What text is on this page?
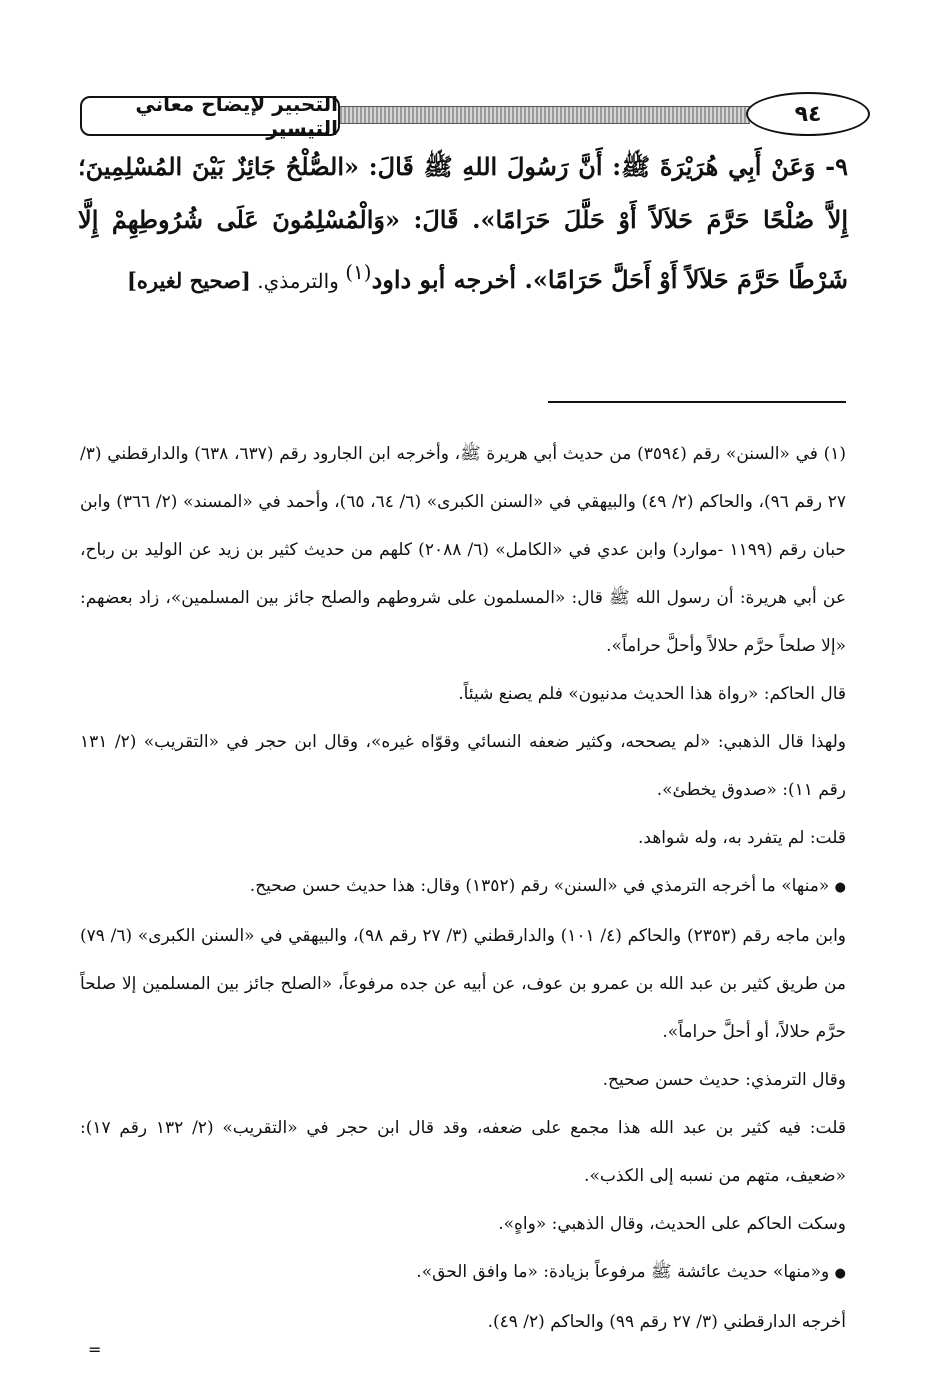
التحبير لإيضاح معاني التيسير
٩٤
٩- وَعَنْ أَبِي هُرَيْرَةَ ﷺ: أَنَّ رَسُولَ اللهِ ﷺ قَالَ: «الصُّلْحُ جَائِزٌ بَيْنَ المُسْلِمِينَ؛ إِلاَّ صُلْحًا حَرَّمَ حَلاَلاً أَوْ حَلَّلَ حَرَامًا». قَالَ: «وَالْمُسْلِمُونَ عَلَى شُرُوطِهِمْ إِلَّا شَرْطًا حَرَّمَ حَلاَلاً أَوْ أَحَلَّ حَرَامًا». أخرجه أبو داود$^{(١)}$ والترمذي. [صحيح لغيره]

(١) في «السنن» رقم (٣٥٩٤) من حديث أبي هريرة ﷺ، وأخرجه ابن الجارود رقم (٦٣٧، ٦٣٨) والدارقطني (٣/ ٢٧ رقم ٩٦)، والحاكم (٢/ ٤٩) والبيهقي في «السنن الكبرى» (٦/ ٦٤، ٦٥)، وأحمد في «المسند» (٢/ ٣٦٦) وابن حبان رقم (١١٩٩ -موارد) وابن عدي في «الكامل» (٦/ ٢٠٨٨) كلهم من حديث كثير بن زيد عن الوليد بن رباح، عن أبي هريرة: أن رسول الله ﷺ قال: «المسلمون على شروطهم والصلح جائز بين المسلمين»، زاد بعضهم: «إلا صلحاً حرَّم حلالاً وأحلَّ حراماً».

قال الحاكم: «رواة هذا الحديث مدنيون» فلم يصنع شيئاً.

ولهذا قال الذهبي: «لم يصححه، وكثير ضعفه النسائي وقوّاه غيره»، وقال ابن حجر في «التقريب» (٢/ ١٣١ رقم ١١): «صدوق يخطئ».

قلت: لم يتفرد به، وله شواهد.

● «منها» ما أخرجه الترمذي في «السنن» رقم (١٣٥٢) وقال: هذا حديث حسن صحيح.

وابن ماجه رقم (٢٣٥٣) والحاكم (٤/ ١٠١) والدارقطني (٣/ ٢٧ رقم ٩٨)، والبيهقي في «السنن الكبرى» (٦/ ٧٩) من طريق كثير بن عبد الله بن عمرو بن عوف، عن أبيه عن جده مرفوعاً، «الصلح جائز بين المسلمين إلا صلحاً حرَّم حلالاً، أو أحلَّ حراماً».

وقال الترمذي: حديث حسن صحيح.

قلت: فيه كثير بن عبد الله هذا مجمع على ضعفه، وقد قال ابن حجر في «التقريب» (٢/ ١٣٢ رقم ١٧): «ضعيف، متهم من نسبه إلى الكذب».

وسكت الحاكم على الحديث، وقال الذهبي: «واهٍ».

● و«منها» حديث عائشة ﷺ مرفوعاً بزيادة: «ما وافق الحق».

أخرجه الدارقطني (٣/ ٢٧ رقم ٩٩) والحاكم (٢/ ٤٩).

=
